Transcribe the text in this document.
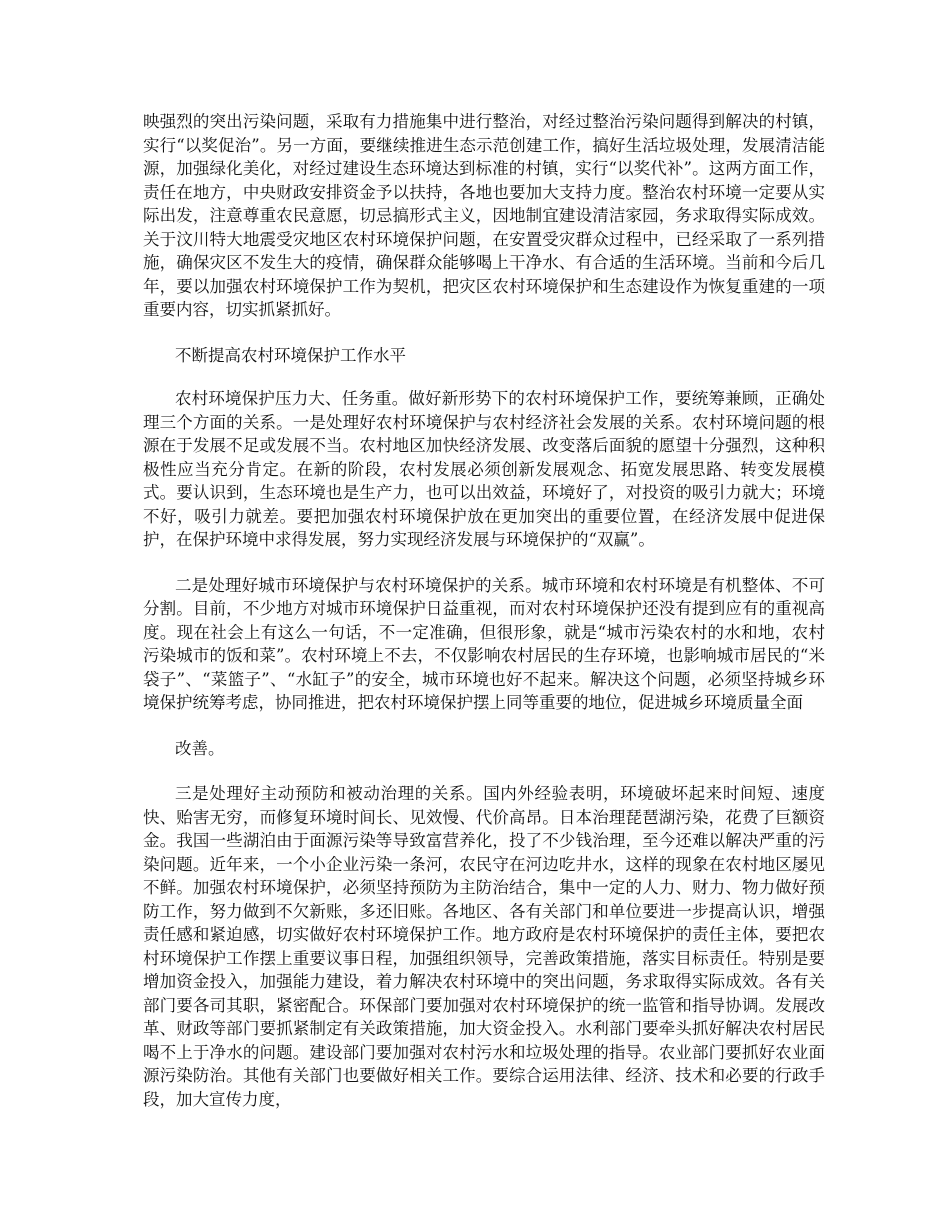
映强烈的突出污染问题，采取有力措施集中进行整治，对经过整治污染问题得到解决的村镇，实行“以奖促治”。另一方面，要继续推进生态示范创建工作，搞好生活垃圾处理，发展清洁能源，加强绿化美化，对经过建设生态环境达到标准的村镇，实行“以奖代补”。这两方面工作，责任在地方，中央财政安排资金予以扶持，各地也要加大支持力度。整治农村环境一定要从实际出发，注意尊重农民意愿，切忌搞形式主义，因地制宜建设清洁家园，务求取得实际成效。关于汶川特大地震受灾地区农村环境保护问题，在安置受灾群众过程中，已经采取了一系列措施，确保灾区不发生大的疫情，确保群众能够喝上干净水、有合适的生活环境。当前和今后几年，要以加强农村环境保护工作为契机，把灾区农村环境保护和生态建设作为恢复重建的一项重要内容，切实抓紧抓好。

不断提高农村环境保护工作水平

农村环境保护压力大、任务重。做好新形势下的农村环境保护工作，要统筹兼顾，正确处理三个方面的关系。一是处理好农村环境保护与农村经济社会发展的关系。农村环境问题的根源在于发展不足或发展不当。农村地区加快经济发展、改变落后面貌的愿望十分强烈，这种积极性应当充分肯定。在新的阶段，农村发展必须创新发展观念、拓宽发展思路、转变发展模式。要认识到，生态环境也是生产力，也可以出效益，环境好了，对投资的吸引力就大；环境不好，吸引力就差。要把加强农村环境保护放在更加突出的重要位置，在经济发展中促进保护，在保护环境中求得发展，努力实现经济发展与环境保护的“双赢”。

二是处理好城市环境保护与农村环境保护的关系。城市环境和农村环境是有机整体、不可分割。目前，不少地方对城市环境保护日益重视，而对农村环境保护还没有提到应有的重视高度。现在社会上有这么一句话，不一定准确，但很形象，就是“城市污染农村的水和地，农村污染城市的饭和菜”。农村环境上不去，不仅影响农村居民的生存环境，也影响城市居民的“米袋子”、“菜篮子”、“水缸子”的安全，城市环境也好不起来。解决这个问题，必须坚持城乡环境保护统筹考虑，协同推进，把农村环境保护摆上同等重要的地位，促进城乡环境质量全面

改善。

三是处理好主动预防和被动治理的关系。国内外经验表明，环境破坏起来时间短、速度快、贻害无穷，而修复环境时间长、见效慢、代价高昂。日本治理琵琶湖污染，花费了巨额资金。我国一些湖泊由于面源污染等导致富营养化，投了不少钱治理，至今还难以解决严重的污染问题。近年来，一个小企业污染一条河，农民守在河边吃井水，这样的现象在农村地区屡见不鲜。加强农村环境保护，必须坚持预防为主防治结合，集中一定的人力、财力、物力做好预防工作，努力做到不欠新账，多还旧账。各地区、各有关部门和单位要进一步提高认识，增强责任感和紧迫感，切实做好农村环境保护工作。地方政府是农村环境保护的责任主体，要把农村环境保护工作摆上重要议事日程，加强组织领导，完善政策措施，落实目标责任。特别是要增加资金投入，加强能力建设，着力解决农村环境中的突出问题，务求取得实际成效。各有关部门要各司其职，紧密配合。环保部门要加强对农村环境保护的统一监管和指导协调。发展改革、财政等部门要抓紧制定有关政策措施，加大资金投入。水利部门要牵头抓好解决农村居民喝不上于净水的问题。建设部门要加强对农村污水和垃圾处理的指导。农业部门要抓好农业面源污染防治。其他有关部门也要做好相关工作。要综合运用法律、经济、技术和必要的行政手段，加大宣传力度，
